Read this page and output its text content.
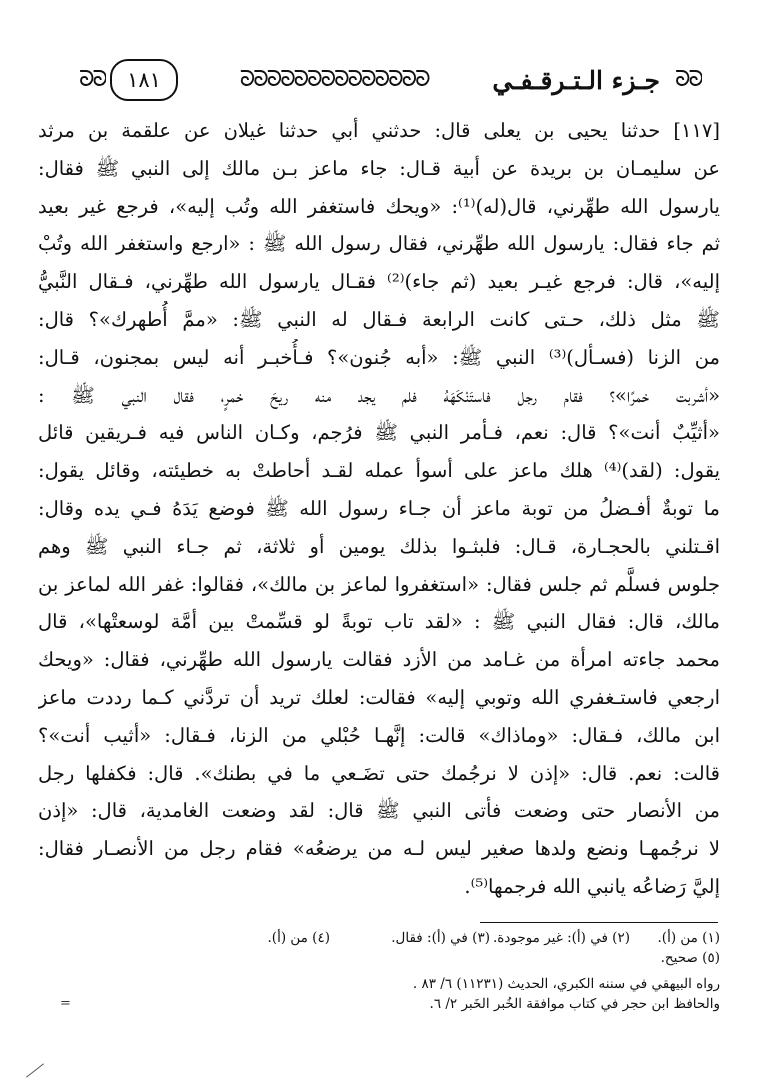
ᘐᘐ
جـزء الـتـرقـفـي
ᘐᘐᘐᘐᘐᘐᘐᘐᘐᘐᘐᘐᘐᘐ
١٨١
ᘐᘐ
[١١٧] حدثنا يحيى بن يعلى قال: حدثني أبي حدثنا غيلان عن علقمة بن مرثد
عن سليمـان بن بريدة عن أبية قـال: جاء ماعز بـن مالك إلى النبي ﷺ فقال:
يارسول الله طهِّرني، قال(له)⁽¹⁾: «ويحك فاستغفر الله وتُب إليه»، فرجع غير بعيد
ثم جاء فقال: يارسول الله طهِّرني، فقال رسول الله ﷺ : «ارجع واستغفر الله وتُبْ
إليه»، قال: فرجع غيـر بعيد (ثم جاء)⁽²⁾ فقـال يارسول الله طهِّرني، فـقال النَّبيُّ
ﷺ مثل ذلك، حـتى كانت الرابعة فـقال له النبي ﷺ: «ممَّ أُطهرك»؟ قال:
من الزنا (فسـأل)⁽³⁾ النبي ﷺ: «أبه جُنون»؟ فـأُخبـر أنه ليس بمجنون، قـال:
«أشربت خمرًا»؟ فقام رجل فاستَنْكَهَهُ فلم يجد منه ريحَ خمرٍ، فقال النبي ﷺ :
«أثيِّبٌ أنت»؟ قال: نعم، فـأمر النبي ﷺ فرُجم، وكـان الناس فيه فـريقين قائل
يقول: (لقد)⁽⁴⁾ هلك ماعز على أسوأ عمله لقـد أحاطتْ به خطيئته، وقائل يقول:
ما توبةٌ أفـضلُ من توبة ماعز أن جـاء رسول الله ﷺ فوضع يَدَهُ فـي يده وقال:
اقـتلني بالحجـارة، قـال: فلبثـوا بذلك يومين أو ثلاثة، ثم جـاء النبي ﷺ وهم
جلوس فسلَّم ثم جلس فقال: «استغفروا لماعز بن مالك»، فقالوا: غفر الله لماعز بن
مالك، قال: فقال النبي ﷺ : «لقد تاب توبةً لو قسِّمتْ بين أمَّة لوسعتْها»، قال
محمد جاءته امرأة من غـامد من الأزد فقالت يارسول الله طهِّرني، فقال: «ويحك
ارجعي فاستـغفري الله وتوبي إليه» فقالت: لعلك تريد أن تردَّني كـما رددت ماعز
ابن مالك، فـقال: «وماذاك» قالت: إنَّهـا حُبْلي من الزنا، فـقال: «أثيب أنت»؟
قالت: نعم. قال: «إذن لا نرجُمك حتى تضَـعي ما في بطنك». قال: فكفلها رجل
من الأنصار حتى وضعت فأتى النبي ﷺ قال: لقد وضعت الغامدية، قال: «إذن
لا نرجُمهـا ونضع ولدها صغير ليس لـه من يرضعُه» فقام رجل من الأنصـار فقال:
إليَّ رَضاعُه يانبي الله فرجمها⁽⁵⁾.
(١) من (أ).
(٢) في (أ): غير موجودة.
(٣) في (أ): فقال.
(٤) من (أ).
(٥) صحيح.
رواه البيهقي في سننه الكبري، الحديث (١١٢٣١) ٦/ ٨٣ .
والحافظ ابن حجر في كتاب موافقة الخُبر الخَبر ٢/ ٦.
=
